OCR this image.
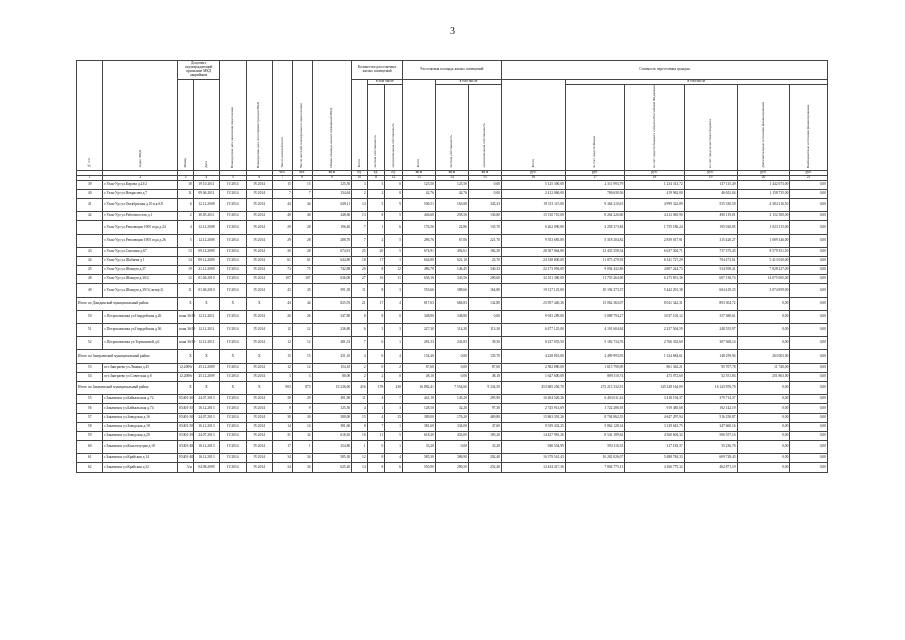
3
№ п/п	Адрес МКД	Документ, подтверждающий признание МКД аварийным		Планируемая дата окончания переселения	Планируемая дата сноса/реконструкции МКД	Число жителей всего	Число жителей планируемых к переселению	Общая площадь жилых помещений МКД	Количество расселяемых жилых помещений			Расселяемая площадь жилых помещений			Стоимость переселения граждан					
		Номер	Дата						Всего	в том числе		Всего	в том числе		Всего	в том числе				
										частная собственность	муниципальная собственность		частная собственность	муниципальная собственность		за счет средств Фонда	за счет средств бюджета субъекта Российской Федерации	за счет средств местного бюджета	Дополнительные источники финансирования	Внебюджетные источники финансирования
						чел.	чел.	кв.м	ед.	ед.	ед.	кв.м	кв.м	кв.м	руб.	руб.	руб.	руб.	руб.	руб.
1	2	3	4	5	6	7	8	9	10	11	12	13	14	15	16	17	18	19	20	21
39	г.Улан-Удэ ул.Кирова д.23/2	18	19.10.2011	IV.2014	IV.2014	15	15	125,50	3	3	0	125,50	125,50	0,00	5 125 300,00	2 311 993,79	1 234 313,72	137 115,49	1 442 073,00	0,00
40	г.Улан-Удэ ул.Некрасова д.7	11	09.06.2011	IV.2014	IV.2014	7	7	134,64	2	2	0	42,76	42,76	0,00	2 412 060,00	786 630,56	419 962,00	46 652,04	1 158 735,00	0,00
41	г.Улан-Удэ ул.Октябрьская д.10 в,к.б,Е	6	12.12.2008	IV.2014	IV.2014	44	44	628,11	14	5	9	506,51	163,08	343,33	19 313 115,00	9 364 210,61	4 999 322,89	555 330,50	4 384 216,50	0,00
42	г.Улан-Удэ ул.Рабочепоселк д.1	2	30.05.2011	IV.2014	IV.2014	40	40	448,60	13	8	5	446,60	258,56	130,80	15 310 710,00	8 264 226,60	4 412 065,90	490 119,01	2 152 300,00	0,00
	г.Улан-Удэ ул.Революции 1905 года д.24	4	12.12.2008	IV.2014	IV.2014	29	28	196,40	7	1	6	176,56	22,86	135,70	6 262 090,00	3 258 373,84	1 755 186,24	195 020,85	1 023 115,00	0,00
	г.Улан-Удэ ул.Революции 1905 года д.26	5	12.12.2008	IV.2014	IV.2014	29	28	288,70	7	2	5	286,76	67,06	221,70	9 553 685,00	5 318 204,82	2 839 017,91	315 420,27	1 089 346,00	0,00
43	г.Улан-Удэ ул.Смолина д.67	13	09.12.2009	IV.2014	IV.2014	30	28	674,91	25	20	5	674,91	492,61	182,30	28 307 064,00	12 433 358,34	6 637 304,71	737 375,45	8 579 351,50	0,00
44	г.Улан-Удэ ул.Шабаева д.1	14	09.12.2009	IV.2014	IV.2014	61	61	644,80	18	17	1	644,80	621,10	23,70	24 338 800,00	11 873 470,93	6 341 727,29	704 473,61	5 413 020,00	0,00
45	г.Улан-Удэ ул.Шмидта д.27	19	21.12.2009	IV.2014	IV.2014	73	75	742,88	20	8	12	486,78	146,45	340,33	22 173 956,00	9 094 432,86	4 807 244,73	534 958,41	7 828 237,00	0,00
48	г.Улан-Удэ ул.Шмидта д.30/2	12	01.06.2010	IV.2014	IV.2014	107	107	636,00	27	16	11	636,16	345,56	290,60	32 011 380,00	11 755 264,90	6 275 851,36	697 138,74	14 075 065,00	0,00
49	г.Улан-Удэ ул.Шмидта д.39/3 (литер.2)	11	01.06.2010	IV.2014	IV.2014	43	45	591,30	11	8	3	553,66	388,66	164,80	19 317 125,00	10 194 373,37	5 442 291,38	604 419,25	3 074 859,00	0,00
Итого по Джидинский муниципальный район:		X	X	X	X	44	44	825,93	21	17	4	817,63	684,83	132,80	23 957 440,36	15 062 363,07	8 041 342,31	893 304,72	0,00	0,00
50	с.Петропавловка ул.Гвардейская д.26	вона 36/19	12.12.2011	IV.2014	IV.2014	26	26	347,80	8	8	0	348,80	348,80	0,00	9 943 289,00	5 888 794,27	3 037 103,12	337 380,61	0,00	0,00
51	с.Петропавловка ул.Гвардейская д.56	вона 36/19	12.12.2011	IV.2014	IV.2014	12	12	236,80	6	3	3	227,30	114,20	113,30	6 477 125,00	4 191 604,84	2 237 504,59	248 555,97	0,00	0,00
52	с.Петропавловка ул.Терешковой д.6	вона 36/19	12.12.2011	IV.2014	IV.2014	12	12	281,33	7	6	1	281,33	241,83	39,50	8 237 035,50	5 182 734,76	2 766 332,60	307 368,14	0,00	0,00
Итого по Заиграевский муниципальный район:		X	X	X	X	15	15	251,10	4	0	4	154,40	0,00	135,70	4 228 810,00	2 499 993,93	1 334 684,61	148 259,94	263 003,00	0,00
53	пгт.Заиграево ул.Ленина д.25	12.2009г	25.12.2009	IV.2014	IV.2014	12	12	154,10	2	0	2	87,60	0,00	87,60	2 582 880,00	1 615 790,09	861 362,21	95 707,78	11 740,00	0,00
54	пгт.Заиграево ул.Советская д.8	12.2009г	25.12.2009	IV.2014	IV.2014	3	3	80,00	2	2	0	48,10	0,00	48,10	1 647 600,00	889 110,74	473 072,60	52 551,84	251 863,00	0,00
Итого по Закаменский муниципальный район:		X	X	X	X	903	875	19 236,00	416	178	238	16 882,41	7 554,60	9 334,50	453 685 256,70	272 213 332,91	145 328 164,09	16 143 959,70	0,00	0,00
55	г.Закаменск ул.Байкальская д.72	05401-26	24.07.2013	IV.2014	IV.2014	30	29	491,90	11	4	7	441,10	145,20	295,90	16 204 520,26	6 403 611,42	3 418 194,37	379 714,37	0,00	0,00
56	г.Закаменск ул.Байкальская д.74	05401-35	16.12.2013	IV.2014	IV.2014	9	9	125,50	4	1	3	128,50	32,20	97,30	2 745 913,69	1 722 286,93	919 485,68	102 142,19	0,00	0,00
57	г.Закаменск ул.Заводская д.16	05401-30	24.07.2013	IV.2014	IV.2014	30	30	380,00	15	4	15	389,00	176,20	469,80	15 863 391,26	8 704 862,55	4 647 297,94	516 250,87	0,00	0,00
58	г.Закаменск ул.Заводская д.18	05401-50	16.12.2013	IV.2014	IV.2014	14	14	381,60	8	7	1	381,60	334,00	47,60	9 339 432,25	5 862 128,34	3 129 643,75	347 660,16	0,00	0,00
59	г.Закаменск ул.Заводская д.20	05401-29	24.07.2013	IV.2014	IV.2014	31	32	618,20	16	11	5	618,20	433,00	185,20	14 427 981,26	8 541 189,62	4 560 604,32	506 557,16	0,00	0,00
60	г.Закаменск ул.Конституции д.18	05401-48	16.12.2013	IV.2014	IV.2014	17	1	254,80	1	0	1	33,20	0,00	33,20	946 534,99	594 116,35	317 183,37	35 236,76	0,00	0,00
61	г.Закаменск ул.Крайская д.14	05401-40	16.12.2013	IV.2014	IV.2014	34	34	585,30	12	8	4	585,30	386,90	202,40	16 379 541,43	10 281 026,07	5 488 784,33	609 728,45	0,00	0,00
62	г.Закаменск ул.Крайская д.32	5/н	04.08.2009	IV.2014	IV.2014	34	34	625,20	14	8	6	550,90	290,50	252,40	12 434 417,36	7 804 775,13	4 166 775,32	462 871,19	0,00	0,00
